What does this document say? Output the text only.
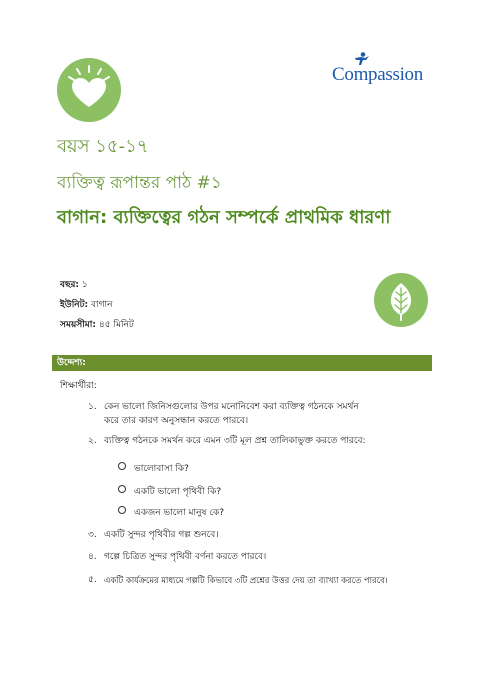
Compassion
বয়স ১৫-১৭
ব্যক্তিত্ব রূপান্তর পাঠ #১
বাগান: ব্যক্তিত্বের গঠন সম্পর্কে প্রাথমিক ধারণা
বছর: ১
ইউনিট: বাগান
সময়সীমা: ৪৫ মিনিট
উদ্দেশ্য:
শিক্ষার্থীরা:
১. কেন ভালো জিনিসগুলোর উপর মনোনিবেশ করা ব্যক্তিত্ব গঠনকে সমর্থন করে তার কারণ অনুসন্ধান করতে পারবে।
২. ব্যক্তিত্ব গঠনকে সমর্থন করে এমন ৩টি মূল প্রশ্ন তালিকাভুক্ত করতে পারবে:
ভালোবাসা কি?
একটি ভালো পৃথিবী কি?
একজন ভালো মানুষ কে?
৩. একটি সুন্দর পৃথিবীর গল্প শুনবে।
৪. গল্পে চিত্রিত সুন্দর পৃথিবী বর্ণনা করতে পারবে।
৫. একটি কার্যক্রমের মাধ্যমে গল্পটি কিভাবে ৩টি প্রশ্নের উত্তর দেয় তা ব্যাখ্যা করতে পারবে।
